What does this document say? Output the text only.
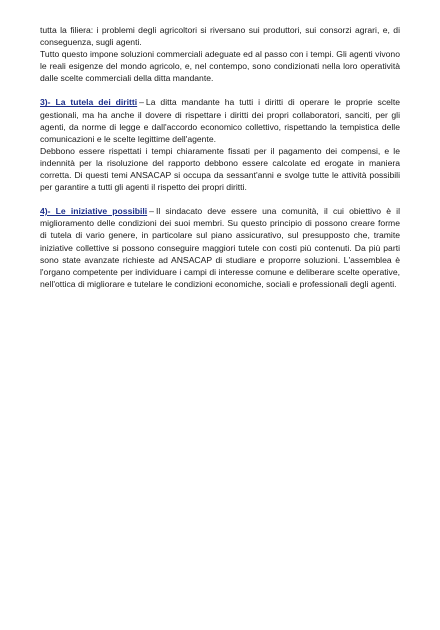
tutta la filiera: i problemi degli agricoltori si riversano sui produttori, sui consorzi agrari, e, di conseguenza, sugli agenti.

Tutto questo impone soluzioni commerciali adeguate ed al passo con i tempi. Gli agenti vivono le reali esigenze del mondo agricolo, e, nel contempo, sono condizionati nella loro operatività dalle scelte commerciali della ditta mandante.

3)- La tutela dei diritti – La ditta mandante ha tutti i diritti di operare le proprie scelte gestionali, ma ha anche il dovere di rispettare i diritti dei propri collaboratori, sanciti, per gli agenti, da norme di legge e dall'accordo economico collettivo, rispettando la tempistica delle comunicazioni e le scelte legittime dell'agente.

Debbono essere rispettati i tempi chiaramente fissati per il pagamento dei compensi, e le indennità per la risoluzione del rapporto debbono essere calcolate ed erogate in maniera corretta. Di questi temi ANSACAP si occupa da sessant'anni e svolge tutte le attività possibili per garantire a tutti gli agenti il rispetto dei propri diritti.

4)- Le iniziative possibili – Il sindacato deve essere una comunità, il cui obiettivo è il miglioramento delle condizioni dei suoi membri. Su questo principio di possono creare forme di tutela di vario genere, in particolare sul piano assicurativo, sul presupposto che, tramite iniziative collettive si possono conseguire maggiori tutele con costi più contenuti. Da più parti sono state avanzate richieste ad ANSACAP di studiare e proporre soluzioni. L'assemblea è l'organo competente per individuare i campi di interesse comune e deliberare scelte operative, nell'ottica di migliorare e tutelare le condizioni economiche, sociali e professionali degli agenti.
